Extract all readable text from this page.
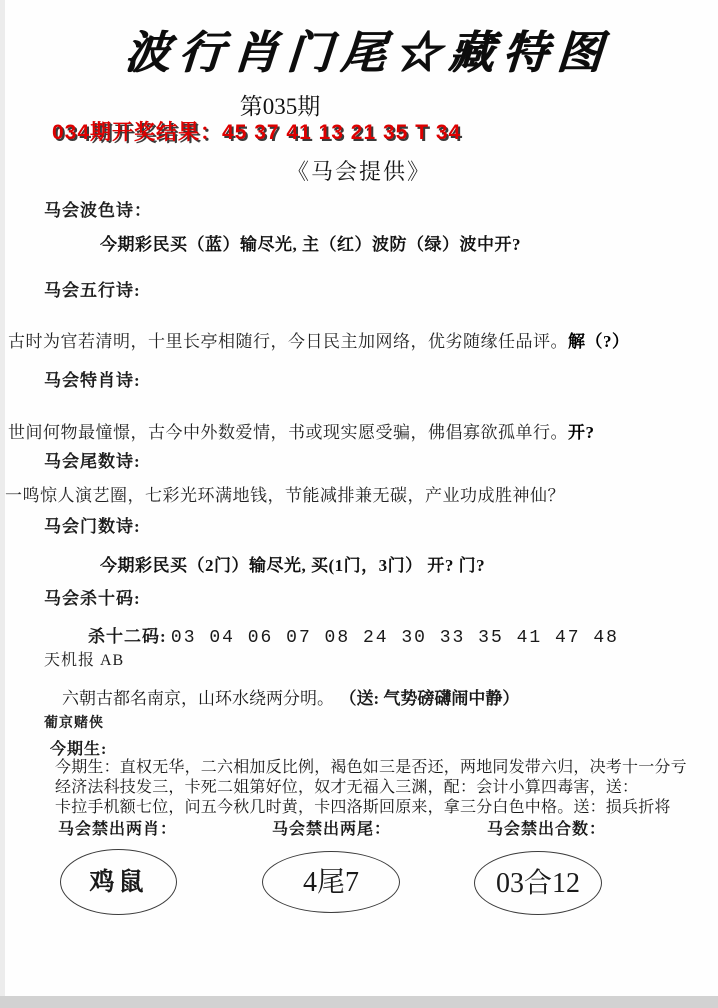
波行肖门尾☆藏特图
第035期
034期开奖结果：45 37 41 13 21 35 T 34
《马会提供》
马会波色诗：
今期彩民买（蓝）输尽光, 主（红）波防（绿）波中开?
马会五行诗:
古时为官若清明，十里长亭相随行，今日民主加网络，优劣随缘任品评。解（?）
马会特肖诗:
世间何物最憧憬，古今中外数爱情，书或现实愿受骗，佛倡寡欲孤单行。开?
马会尾数诗:
一鸣惊人演艺圈，七彩光环满地钱，节能减排兼无碳，产业功成胜神仙？
马会门数诗:
今期彩民买（2门）输尽光, 买(1门，3门） 开? 门?
马会杀十码:
杀十二码: 03 04 06 07 08 24 30 33 35 41 47 48
天机报 AB
六朝古都名南京，山环水绕两分明。 （送: 气势磅礴闹中静）
葡京赌侠
今期生:
今期生：直权无华，二六相加反比例，褐色如三是否还，两地同发带六归，决考十一分亏
经济法科技发三，卡死二姐第好位，奴才无福入三渊，配：会计小算四毒害，送：
卡拉手机额七位，问五今秋几时黄，卡四洛斯回原来，拿三分白色中格。送：损兵折将
马会禁出两肖：	马会禁出两尾：	马会禁出合数：
鸡鼠	4尾7	03合12
